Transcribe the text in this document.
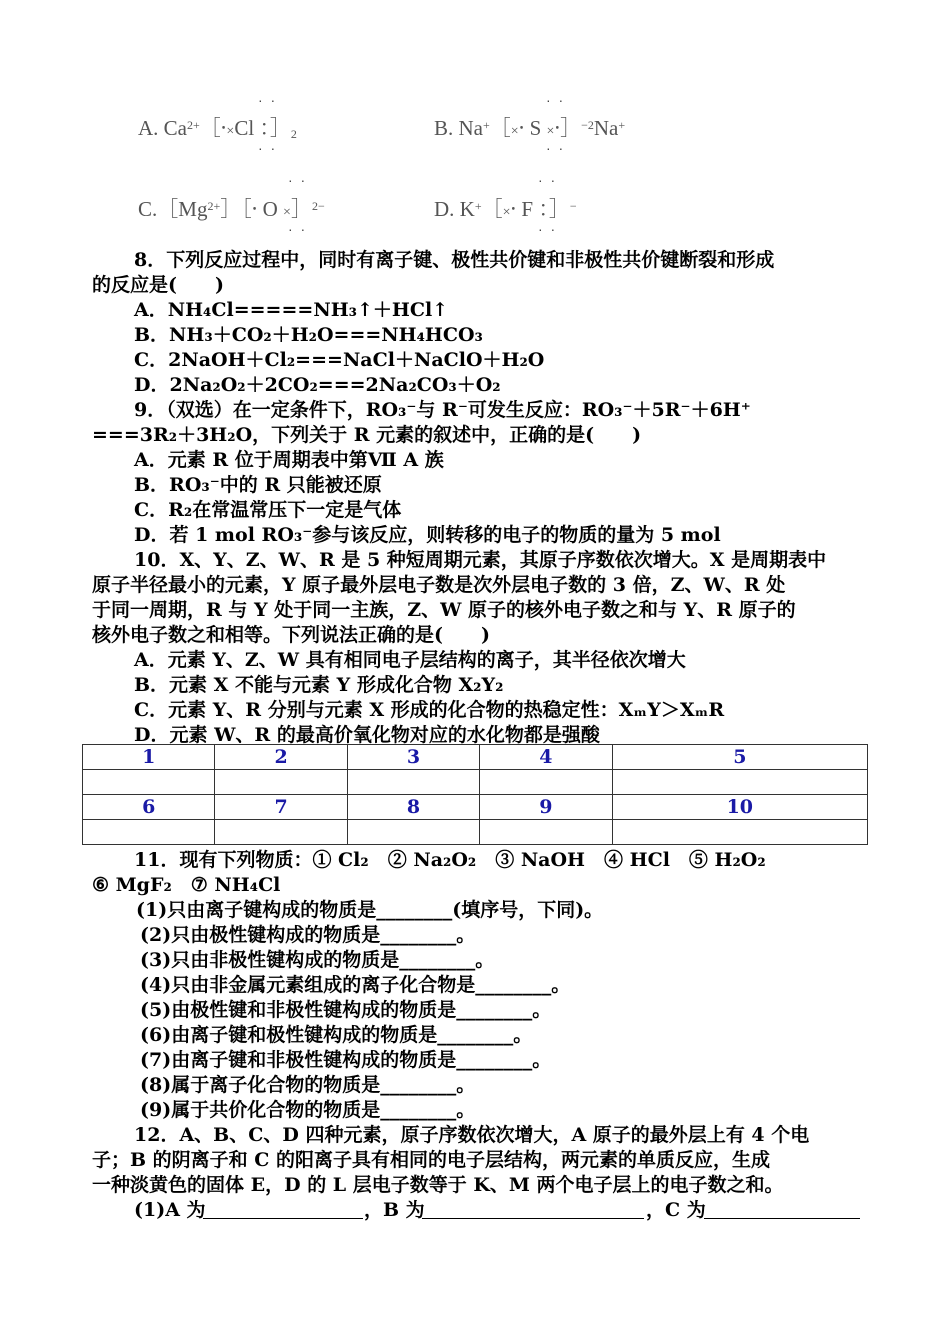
· ·
A. $Ca^{2+}[⸱\times Cl$ ：$]_2$
· ·
· ·
B. Na+［×⸱ S ×⸱］$^{-2}$Na+
· ·
· ·
$C.[Mg^{2+}][⸱$ O ×］$^{2-}$
· ·
· ·
D. K+［×⸱ F ：］−
· ·
8．下列反应过程中，同时有离子键、极性共价键和非极性共价键断裂和形成
的反应是(　　)
A．NH₄Cl=====NH₃↑＋HCl↑
B．NH₃＋CO₂＋H₂O===NH₄HCO₃
C．2NaOH＋Cl₂===NaCl＋NaClO＋H₂O
D．2Na₂O₂＋2CO₂===2Na₂CO₃＋O₂
9．（双选）在一定条件下，RO₃⁻与 R⁻可发生反应：RO₃⁻＋5R⁻＋6H⁺
===3R₂＋3H₂O，下列关于 R 元素的叙述中，正确的是(　　)
A．元素 R 位于周期表中第Ⅶ A 族
B．RO₃⁻中的 R 只能被还原
C．R₂在常温常压下一定是气体
D．若 1 mol RO₃⁻参与该反应，则转移的电子的物质的量为 5 mol
10．X、Y、Z、W、R 是 5 种短周期元素，其原子序数依次增大。X 是周期表中
原子半径最小的元素，Y 原子最外层电子数是次外层电子数的 3 倍，Z、W、R 处
于同一周期，R 与 Y 处于同一主族，Z、W 原子的核外电子数之和与 Y、R 原子的
核外电子数之和相等。下列说法正确的是(　　)
A．元素 Y、Z、W 具有相同电子层结构的离子，其半径依次增大
B．元素 X 不能与元素 Y 形成化合物 X₂Y₂
C．元素 Y、R 分别与元素 X 形成的化合物的热稳定性：XₘY＞XₘR
D．元素 W、R 的最高价氧化物对应的水化物都是强酸
1	2	3	4	5

6	7	8	9	10

11．现有下列物质：① Cl₂　② Na₂O₂　③ NaOH　④ HCl　⑤ H₂O₂
⑥ MgF₂　⑦ NH₄Cl
(1)只由离子键构成的物质是________(填序号，下同)。
(2)只由极性键构成的物质是________。
(3)只由非极性键构成的物质是________。
(4)只由非金属元素组成的离子化合物是________。
(5)由极性键和非极性键构成的物质是________。
(6)由离子键和极性键构成的物质是________。
(7)由离子键和非极性键构成的物质是________。
(8)属于离子化合物的物质是________。
(9)属于共价化合物的物质是________。
12．A、B、C、D 四种元素，原子序数依次增大，A 原子的最外层上有 4 个电
子；B 的阴离子和 C 的阳离子具有相同的电子层结构，两元素的单质反应，生成
一种淡黄色的固体 E，D 的 L 层电子数等于 K、M 两个电子层上的电子数之和。
(1)A 为	，B 为	，C 为
